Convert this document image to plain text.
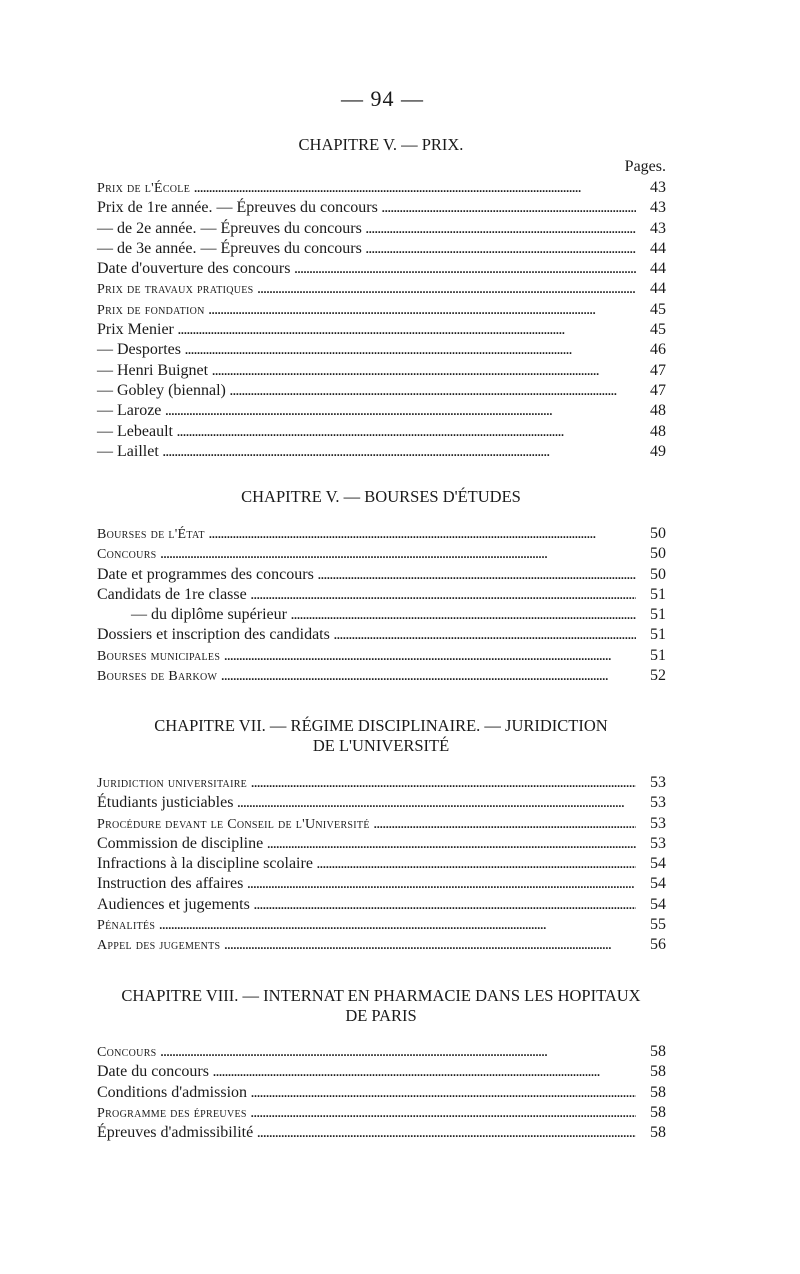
— 94 —
Pages.
CHAPITRE V. — PRIX.
Prix de l'École . . .	43
Prix de 1re année. — Épreuves du concours . . .	43
— de 2e année. — Épreuves du concours . . .	43
— de 3e année. — Épreuves du concours . . .	44
Date d'ouverture des concours . . .	44
Prix de travaux pratiques . . .	44
Prix de fondation . . .	45
Prix Menier . . .	45
— Desportes . . .	46
— Henri Buignet . . .	47
— Gobley (biennal) . . .	47
— Laroze . . .	48
— Lebeault . . .	48
— Laillet . . .	49
CHAPITRE V. — BOURSES D'ÉTUDES
Bourses de l'État . . .	50
Concours . . .	50
Date et programmes des concours . . .	50
Candidats de 1re classe . . .	51
— du diplôme supérieur . . .	51
Dossiers et inscription des candidats . . .	51
Bourses municipales . . .	51
Bourses de Barkow . . .	52
CHAPITRE VII. — RÉGIME DISCIPLINAIRE. — JURIDICTION
DE L'UNIVERSITÉ
Juridiction universitaire . . .	53
Étudiants justiciables . . .	53
Procédure devant le Conseil de l'Université . . .	53
Commission de discipline . . .	53
Infractions à la discipline scolaire . . .	54
Instruction des affaires . . .	54
Audiences et jugements . . .	54
Pénalités . . .	55
Appel des jugements . . .	56
CHAPITRE VIII. — INTERNAT EN PHARMACIE DANS LES HOPITAUX
DE PARIS
Concours . . .	58
Date du concours . . .	58
Conditions d'admission . . .	58
Programme des épreuves . . .	58
Épreuves d'admissibilité . . .	58
